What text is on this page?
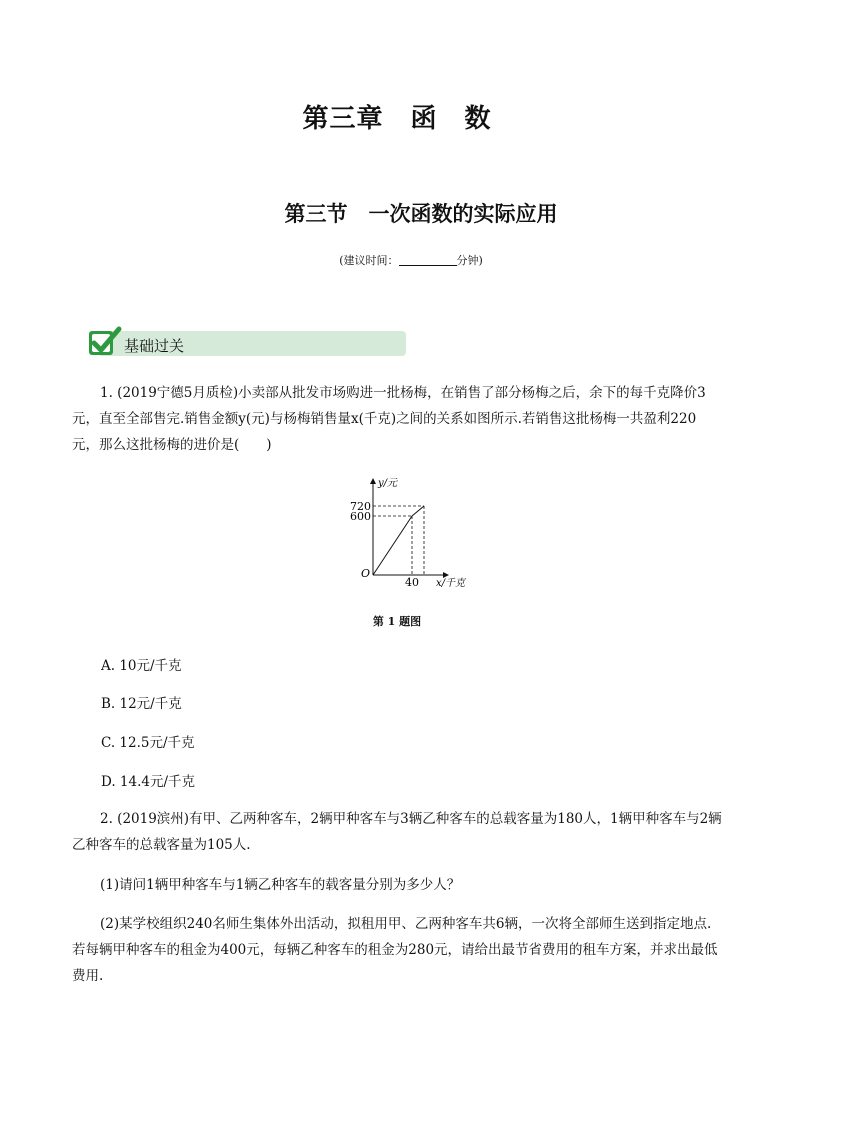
第三章　函　数
第三节　一次函数的实际应用
(建议时间：	分钟)
基础过关
1. (2019宁德5月质检)小卖部从批发市场购进一批杨梅，在销售了部分杨梅之后，余下的每千克降价3元，直至全部售完.销售金额y(元)与杨梅销售量x(千克)之间的关系如图所示.若销售这批杨梅一共盈利220元，那么这批杨梅的进价是(　　)
y/元
720
600
O
40 x/千克
第 1 题图
A. 10元/千克
B. 12元/千克
C. 12.5元/千克
D. 14.4元/千克
2. (2019滨州)有甲、乙两种客车，2辆甲种客车与3辆乙种客车的总载客量为180人，1辆甲种客车与2辆乙种客车的总载客量为105人.
(1)请问1辆甲种客车与1辆乙种客车的载客量分别为多少人？
(2)某学校组织240名师生集体外出活动，拟租用甲、乙两种客车共6辆，一次将全部师生送到指定地点.若每辆甲种客车的租金为400元，每辆乙种客车的租金为280元，请给出最节省费用的租车方案，并求出最低费用.
